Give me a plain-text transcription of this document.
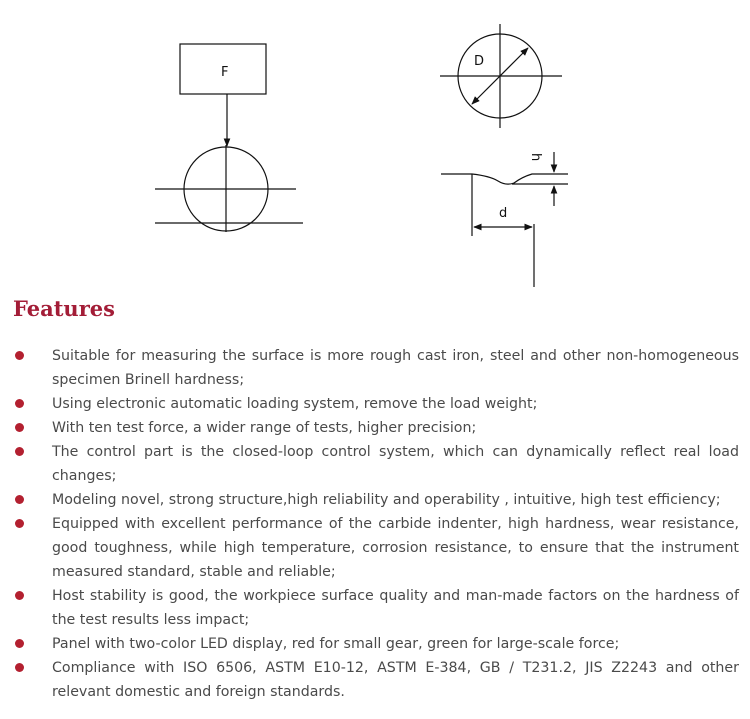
F
D
h
d
Features
Suitable for measuring the surface is more rough cast iron, steel and other non-homogeneous specimen Brinell hardness;
Using electronic automatic loading system, remove the load weight;
With ten test force, a wider range of tests, higher precision;
The control part is the closed-loop control system, which can dynamically reflect real load changes;
Modeling novel, strong structure,high reliability and operability , intuitive, high test efficiency;
Equipped with excellent performance of the carbide indenter, high hardness, wear resistance, good toughness, while high temperature, corrosion resistance, to ensure that the instrument measured standard, stable and reliable;
Host stability is good, the workpiece surface quality and man-made factors on the hardness of the test results less impact;
Panel with two-color LED display, red for small gear, green for large-scale force;
Compliance with ISO 6506, ASTM E10-12, ASTM E-384, GB / T231.2, JIS Z2243 and other relevant domestic and foreign standards.
